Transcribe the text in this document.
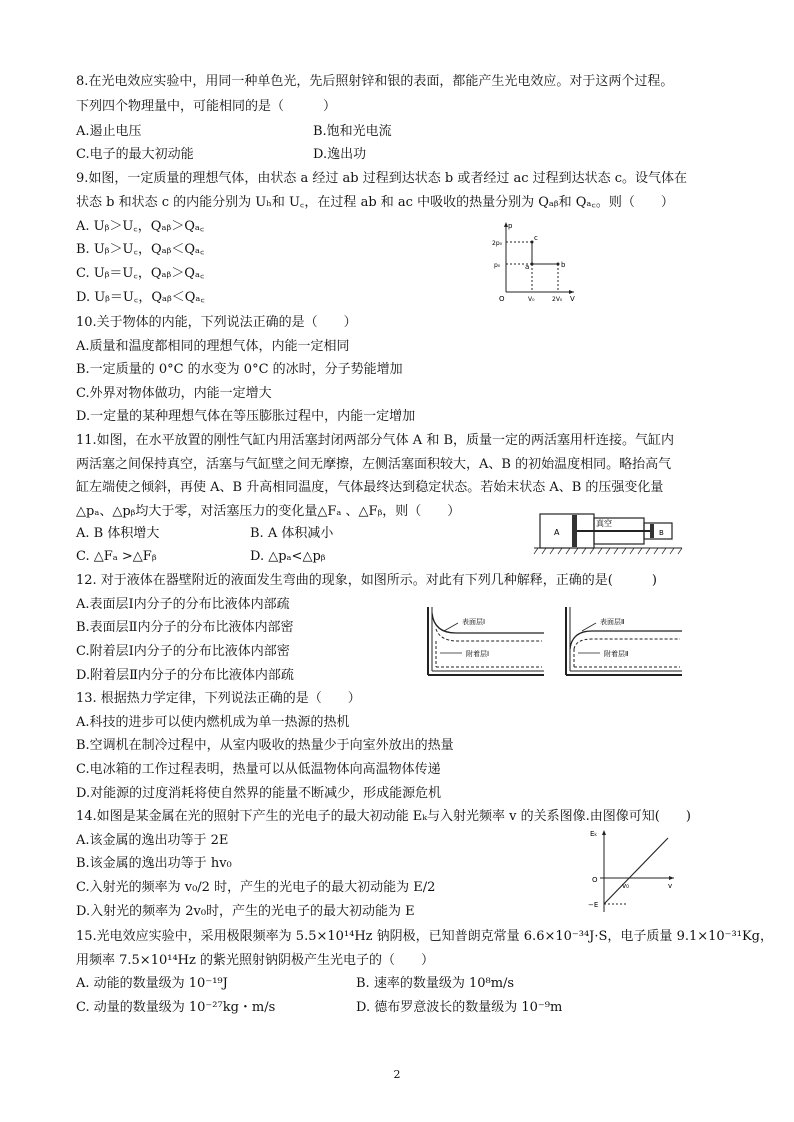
8.在光电效应实验中，用同一种单色光，先后照射锌和银的表面，都能产生光电效应。对于这两个过程。
下列四个物理量中，可能相同的是（　　　）
A.遏止电压	B.饱和光电流
C.电子的最大初动能	D.逸出功
9.如图，一定质量的理想气体，由状态 a 经过 ab 过程到达状态 b 或者经过 ac 过程到达状态 c。设气体在
状态 b 和状态 c 的内能分别为 Uₕ和 U꜀，在过程 ab 和 ac 中吸收的热量分别为 Qₐᵦ和 Qₐ꜀。则（　　）
A. Uᵦ＞U꜀，Qₐᵦ＞Qₐ꜀
B. Uᵦ＞U꜀，Qₐᵦ＜Qₐ꜀
C. Uᵦ＝U꜀，Qₐᵦ＞Qₐ꜀
D. Uᵦ＝U꜀，Qₐᵦ＜Qₐ꜀
p
2p₀
p₀
O	V₀	2V₀ V
a	b
c
10.关于物体的内能，下列说法正确的是（　　）
A.质量和温度都相同的理想气体，内能一定相同
B.一定质量的 0°C 的水变为 0°C 的冰时，分子势能增加
C.外界对物体做功，内能一定增大
D.一定量的某种理想气体在等压膨胀过程中，内能一定增加
11.如图，在水平放置的刚性气缸内用活塞封闭两部分气体 A 和 B，质量一定的两活塞用杆连接。气缸内
两活塞之间保持真空，活塞与气缸壁之间无摩擦，左侧活塞面积较大，A、B 的初始温度相同。略抬高气
缸左端使之倾斜，再使 A、B 升高相同温度，气体最终达到稳定状态。若始末状态 A、B 的压强变化量
△pₐ、△pᵦ均大于零，对活塞压力的变化量△Fₐ 、△Fᵦ，则（　　）
A. B 体积增大	B. A 体积减小
C. △Fₐ >△Fᵦ	D. △pₐ<△pᵦ
A
真空
B
12. 对于液体在器壁附近的液面发生弯曲的现象，如图所示。对此有下列几种解释，正确的是(　　　)
A.表面层Ⅰ内分子的分布比液体内部疏
B.表面层Ⅱ内分子的分布比液体内部密
C.附着层Ⅰ内分子的分布比液体内部密
D.附着层Ⅱ内分子的分布比液体内部疏
表面层Ⅰ
附着层Ⅰ
表面层Ⅱ
附着层Ⅱ
13. 根据热力学定律，下列说法正确的是（　　）
A.科技的进步可以使内燃机成为单一热源的热机
B.空调机在制冷过程中，从室内吸收的热量少于向室外放出的热量
C.电冰箱的工作过程表明，热量可以从低温物体向高温物体传递
D.对能源的过度消耗将使自然界的能量不断减少，形成能源危机
14.如图是某金属在光的照射下产生的光电子的最大初动能 Eₖ与入射光频率 v 的关系图像.由图像可知(　　)
A.该金属的逸出功等于 2E
B.该金属的逸出功等于 hv₀
C.入射光的频率为 v₀/2 时，产生的光电子的最大初动能为 E/2
D.入射光的频率为 2v₀时，产生的光电子的最大初动能为 E
Eₖ
O
v₀	v
−E
15.光电效应实验中，采用极限频率为 5.5×10¹⁴Hz 钠阴极，已知普朗克常量 6.6×10⁻³⁴J·S，电子质量 9.1×10⁻³¹Kg，
用频率 7.5×10¹⁴Hz 的紫光照射钠阴极产生光电子的（　　）
A. 动能的数量级为 10⁻¹⁹J	B. 速率的数量级为 10⁸m/s
C. 动量的数量级为 10⁻²⁷kg・m/s	D. 德布罗意波长的数量级为 10⁻⁹m
2
